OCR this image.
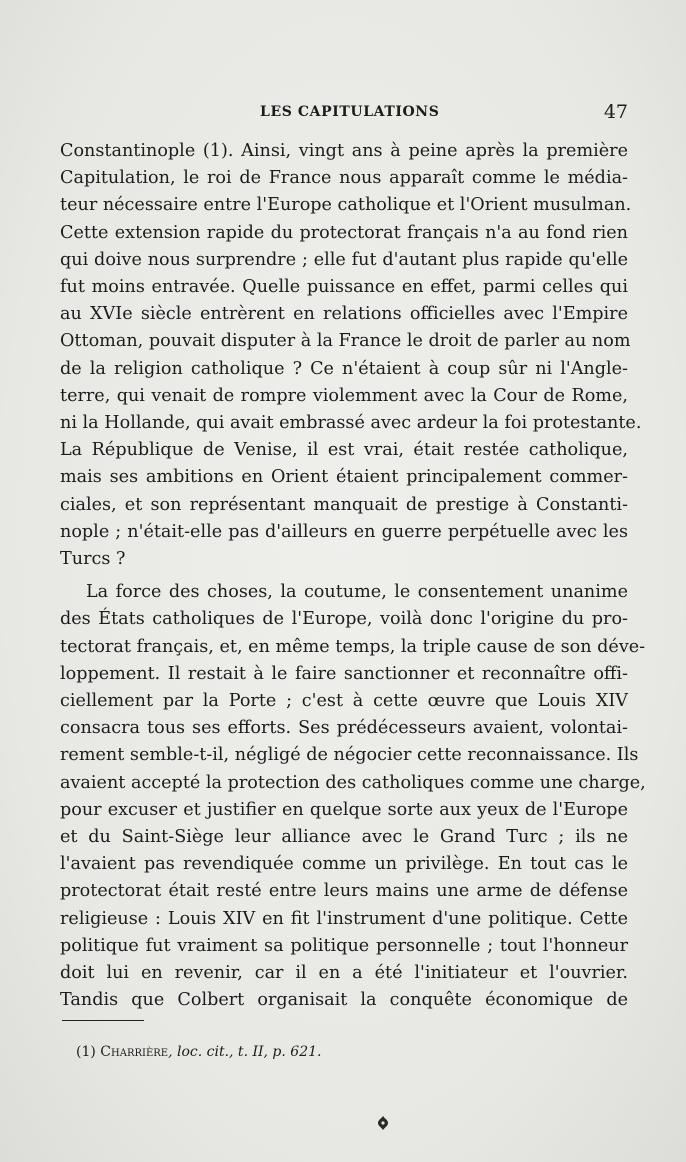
LES CAPITULATIONS	47
Constantinople (1). Ainsi, vingt ans à peine après la première
Capitulation, le roi de France nous apparaît comme le média-
teur nécessaire entre l'Europe catholique et l'Orient musulman.
Cette extension rapide du protectorat français n'a au fond rien
qui doive nous surprendre ; elle fut d'autant plus rapide qu'elle
fut moins entravée. Quelle puissance en effet, parmi celles qui
au XVIe siècle entrèrent en relations officielles avec l'Empire
Ottoman, pouvait disputer à la France le droit de parler au nom
de la religion catholique ? Ce n'étaient à coup sûr ni l'Angle-
terre, qui venait de rompre violemment avec la Cour de Rome,
ni la Hollande, qui avait embrassé avec ardeur la foi protestante.
La République de Venise, il est vrai, était restée catholique,
mais ses ambitions en Orient étaient principalement commer-
ciales, et son représentant manquait de prestige à Constanti-
nople ; n'était-elle pas d'ailleurs en guerre perpétuelle avec les
Turcs ?
La force des choses, la coutume, le consentement unanime
des États catholiques de l'Europe, voilà donc l'origine du pro-
tectorat français, et, en même temps, la triple cause de son déve-
loppement. Il restait à le faire sanctionner et reconnaître offi-
ciellement par la Porte ; c'est à cette œuvre que Louis XIV
consacra tous ses efforts. Ses prédécesseurs avaient, volontai-
rement semble-t-il, négligé de négocier cette reconnaissance. Ils
avaient accepté la protection des catholiques comme une charge,
pour excuser et justifier en quelque sorte aux yeux de l'Europe
et du Saint-Siège leur alliance avec le Grand Turc ; ils ne
l'avaient pas revendiquée comme un privilège. En tout cas le
protectorat était resté entre leurs mains une arme de défense
religieuse : Louis XIV en fit l'instrument d'une politique. Cette
politique fut vraiment sa politique personnelle ; tout l'honneur
doit lui en revenir, car il en a été l'initiateur et l'ouvrier.
Tandis que Colbert organisait la conquête économique de
(1) Charrière, loc. cit., t. II, p. 621.
